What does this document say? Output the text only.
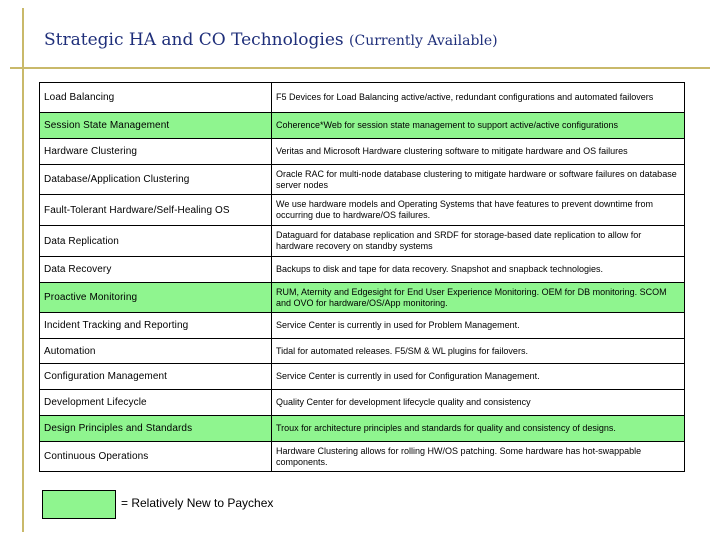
Strategic HA and CO Technologies (Currently Available)
Load Balancing	F5 Devices for Load Balancing active/active, redundant configurations and automated failovers
Session State Management	Coherence*Web for session state management to support active/active configurations
Hardware Clustering	Veritas and Microsoft Hardware clustering software to mitigate hardware and OS failures
Database/Application Clustering	Oracle RAC for multi-node database clustering to mitigate hardware or software failures on database server nodes
Fault-Tolerant Hardware/Self-Healing OS	We use hardware models and Operating Systems that have features to prevent downtime from occurring due to hardware/OS failures.
Data Replication	Dataguard for database replication and SRDF for storage-based date replication to allow for hardware recovery on standby systems
Data Recovery	Backups to disk and tape for data recovery. Snapshot and snapback technologies.
Proactive Monitoring	RUM, Aternity and Edgesight for End User Experience Monitoring. OEM for DB monitoring. SCOM and OVO for hardware/OS/App monitoring.
Incident Tracking and Reporting	Service Center is currently in used for Problem Management.
Automation	Tidal for automated releases. F5/SM & WL plugins for failovers.
Configuration Management	Service Center is currently in used for Configuration Management.
Development Lifecycle	Quality Center for development lifecycle quality and consistency
Design Principles and Standards	Troux for architecture principles and standards for quality and consistency of designs.
Continuous Operations	Hardware Clustering allows for rolling HW/OS patching. Some hardware has hot-swappable components.
= Relatively New to Paychex
